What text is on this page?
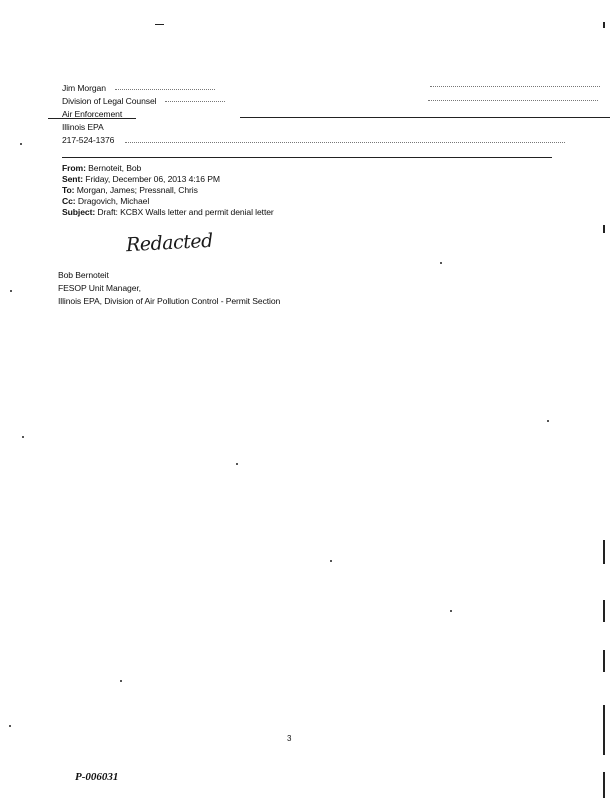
Jim Morgan
Division of Legal Counsel
Air Enforcement
Illinois EPA
217-524-1376
From: Bernoteit, Bob
Sent: Friday, December 06, 2013 4:16 PM
To: Morgan, James; Pressnall, Chris
Cc: Dragovich, Michael
Subject: Draft: KCBX Walls letter and permit denial letter
Redacted
Bob Bernoteit
FESOP Unit Manager,
Illinois EPA, Division of Air Pollution Control - Permit Section
3
P-006031
